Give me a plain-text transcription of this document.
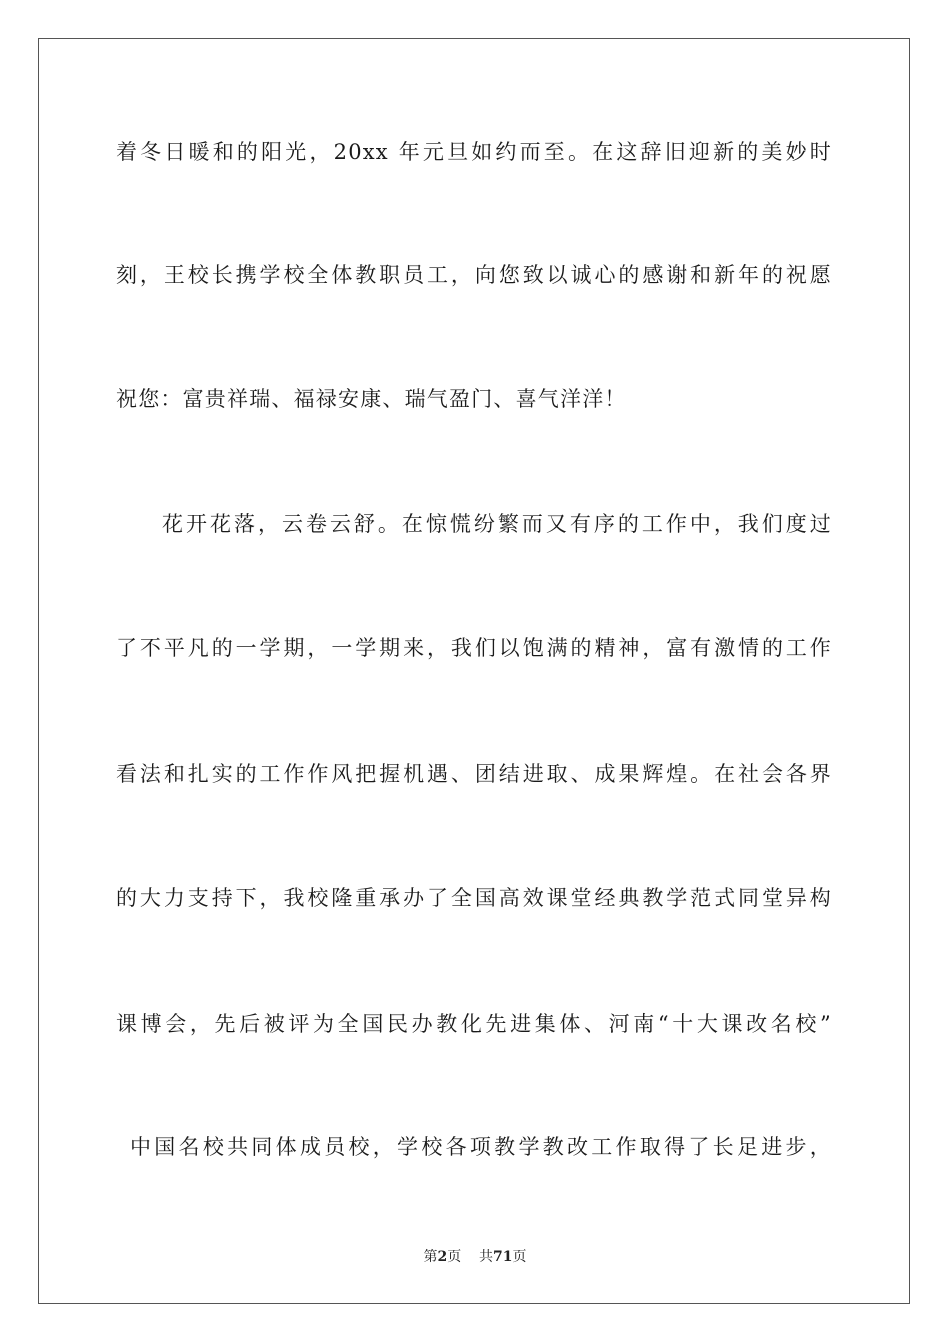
着冬日暖和的阳光，20xx 年元旦如约而至。在这辞旧迎新的美妙时
刻，王校长携学校全体教职员工，向您致以诚心的感谢和新年的祝愿
祝您：富贵祥瑞、福禄安康、瑞气盈门、喜气洋洋！
花开花落，云卷云舒。在惊慌纷繁而又有序的工作中，我们度过
了不平凡的一学期，一学期来，我们以饱满的精神，富有激情的工作
看法和扎实的工作作风把握机遇、团结进取、成果辉煌。在社会各界
的大力支持下，我校隆重承办了全国高效课堂经典教学范式同堂异构
课博会，先后被评为全国民办教化先进集体、河南“十大课改名校”
中国名校共同体成员校，学校各项教学教改工作取得了长足进步，
第2页 共71页
